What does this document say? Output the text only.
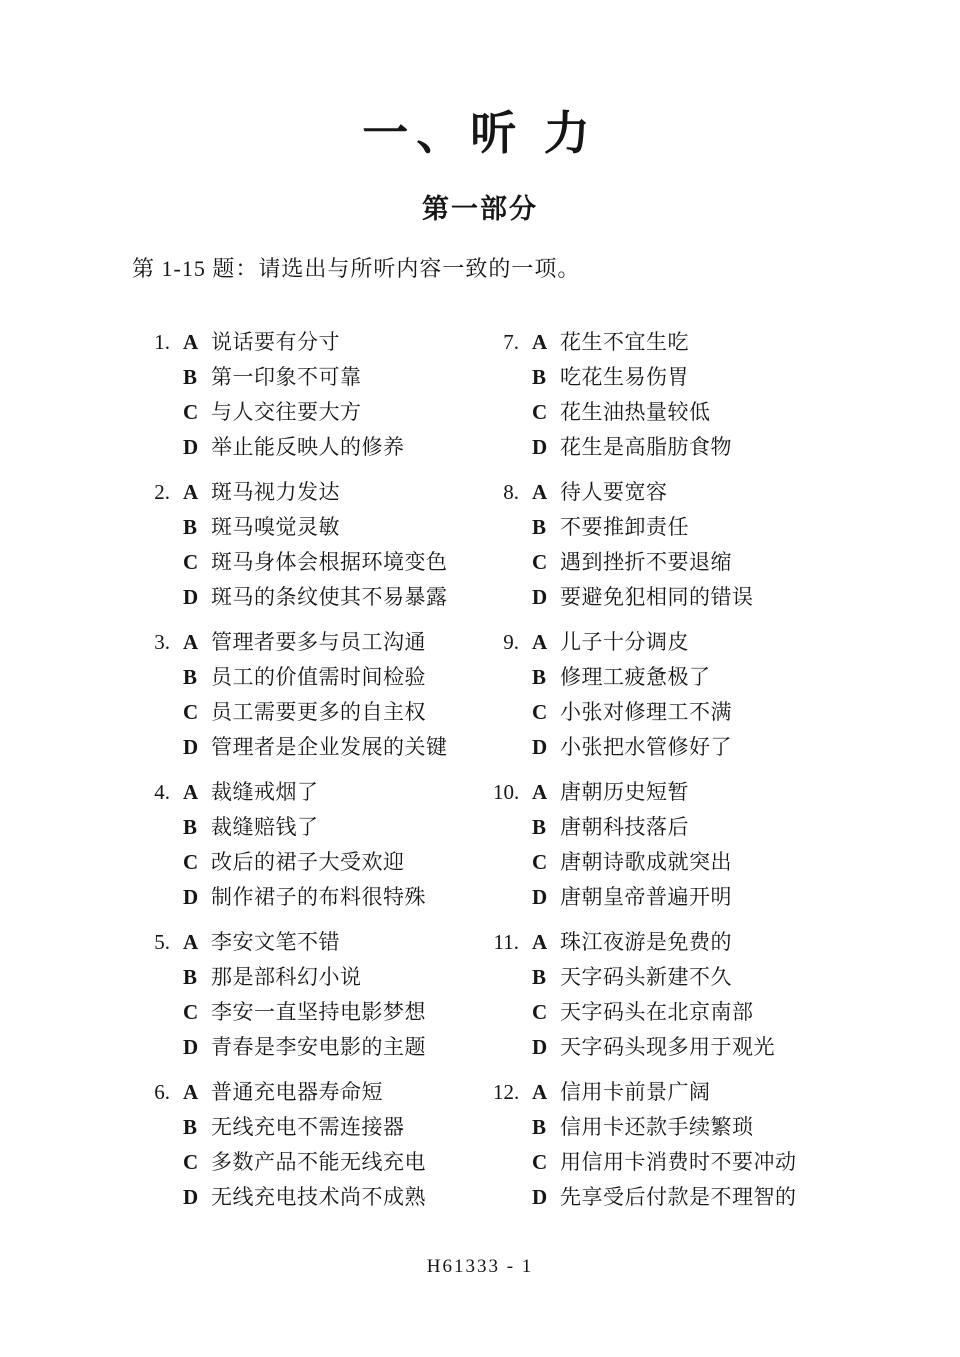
一、听 力
第一部分
第 1-15 题：请选出与所听内容一致的一项。
1. A 说话要有分寸
B 第一印象不可靠
C 与人交往要大方
D 举止能反映人的修养
2. A 斑马视力发达
B 斑马嗅觉灵敏
C 斑马身体会根据环境变色
D 斑马的条纹使其不易暴露
3. A 管理者要多与员工沟通
B 员工的价值需时间检验
C 员工需要更多的自主权
D 管理者是企业发展的关键
4. A 裁缝戒烟了
B 裁缝赔钱了
C 改后的裙子大受欢迎
D 制作裙子的布料很特殊
5. A 李安文笔不错
B 那是部科幻小说
C 李安一直坚持电影梦想
D 青春是李安电影的主题
6. A 普通充电器寿命短
B 无线充电不需连接器
C 多数产品不能无线充电
D 无线充电技术尚不成熟
7. A 花生不宜生吃
B 吃花生易伤胃
C 花生油热量较低
D 花生是高脂肪食物
8. A 待人要宽容
B 不要推卸责任
C 遇到挫折不要退缩
D 要避免犯相同的错误
9. A 儿子十分调皮
B 修理工疲惫极了
C 小张对修理工不满
D 小张把水管修好了
10. A 唐朝历史短暂
B 唐朝科技落后
C 唐朝诗歌成就突出
D 唐朝皇帝普遍开明
11. A 珠江夜游是免费的
B 天字码头新建不久
C 天字码头在北京南部
D 天字码头现多用于观光
12. A 信用卡前景广阔
B 信用卡还款手续繁琐
C 用信用卡消费时不要冲动
D 先享受后付款是不理智的
H61333 - 1
